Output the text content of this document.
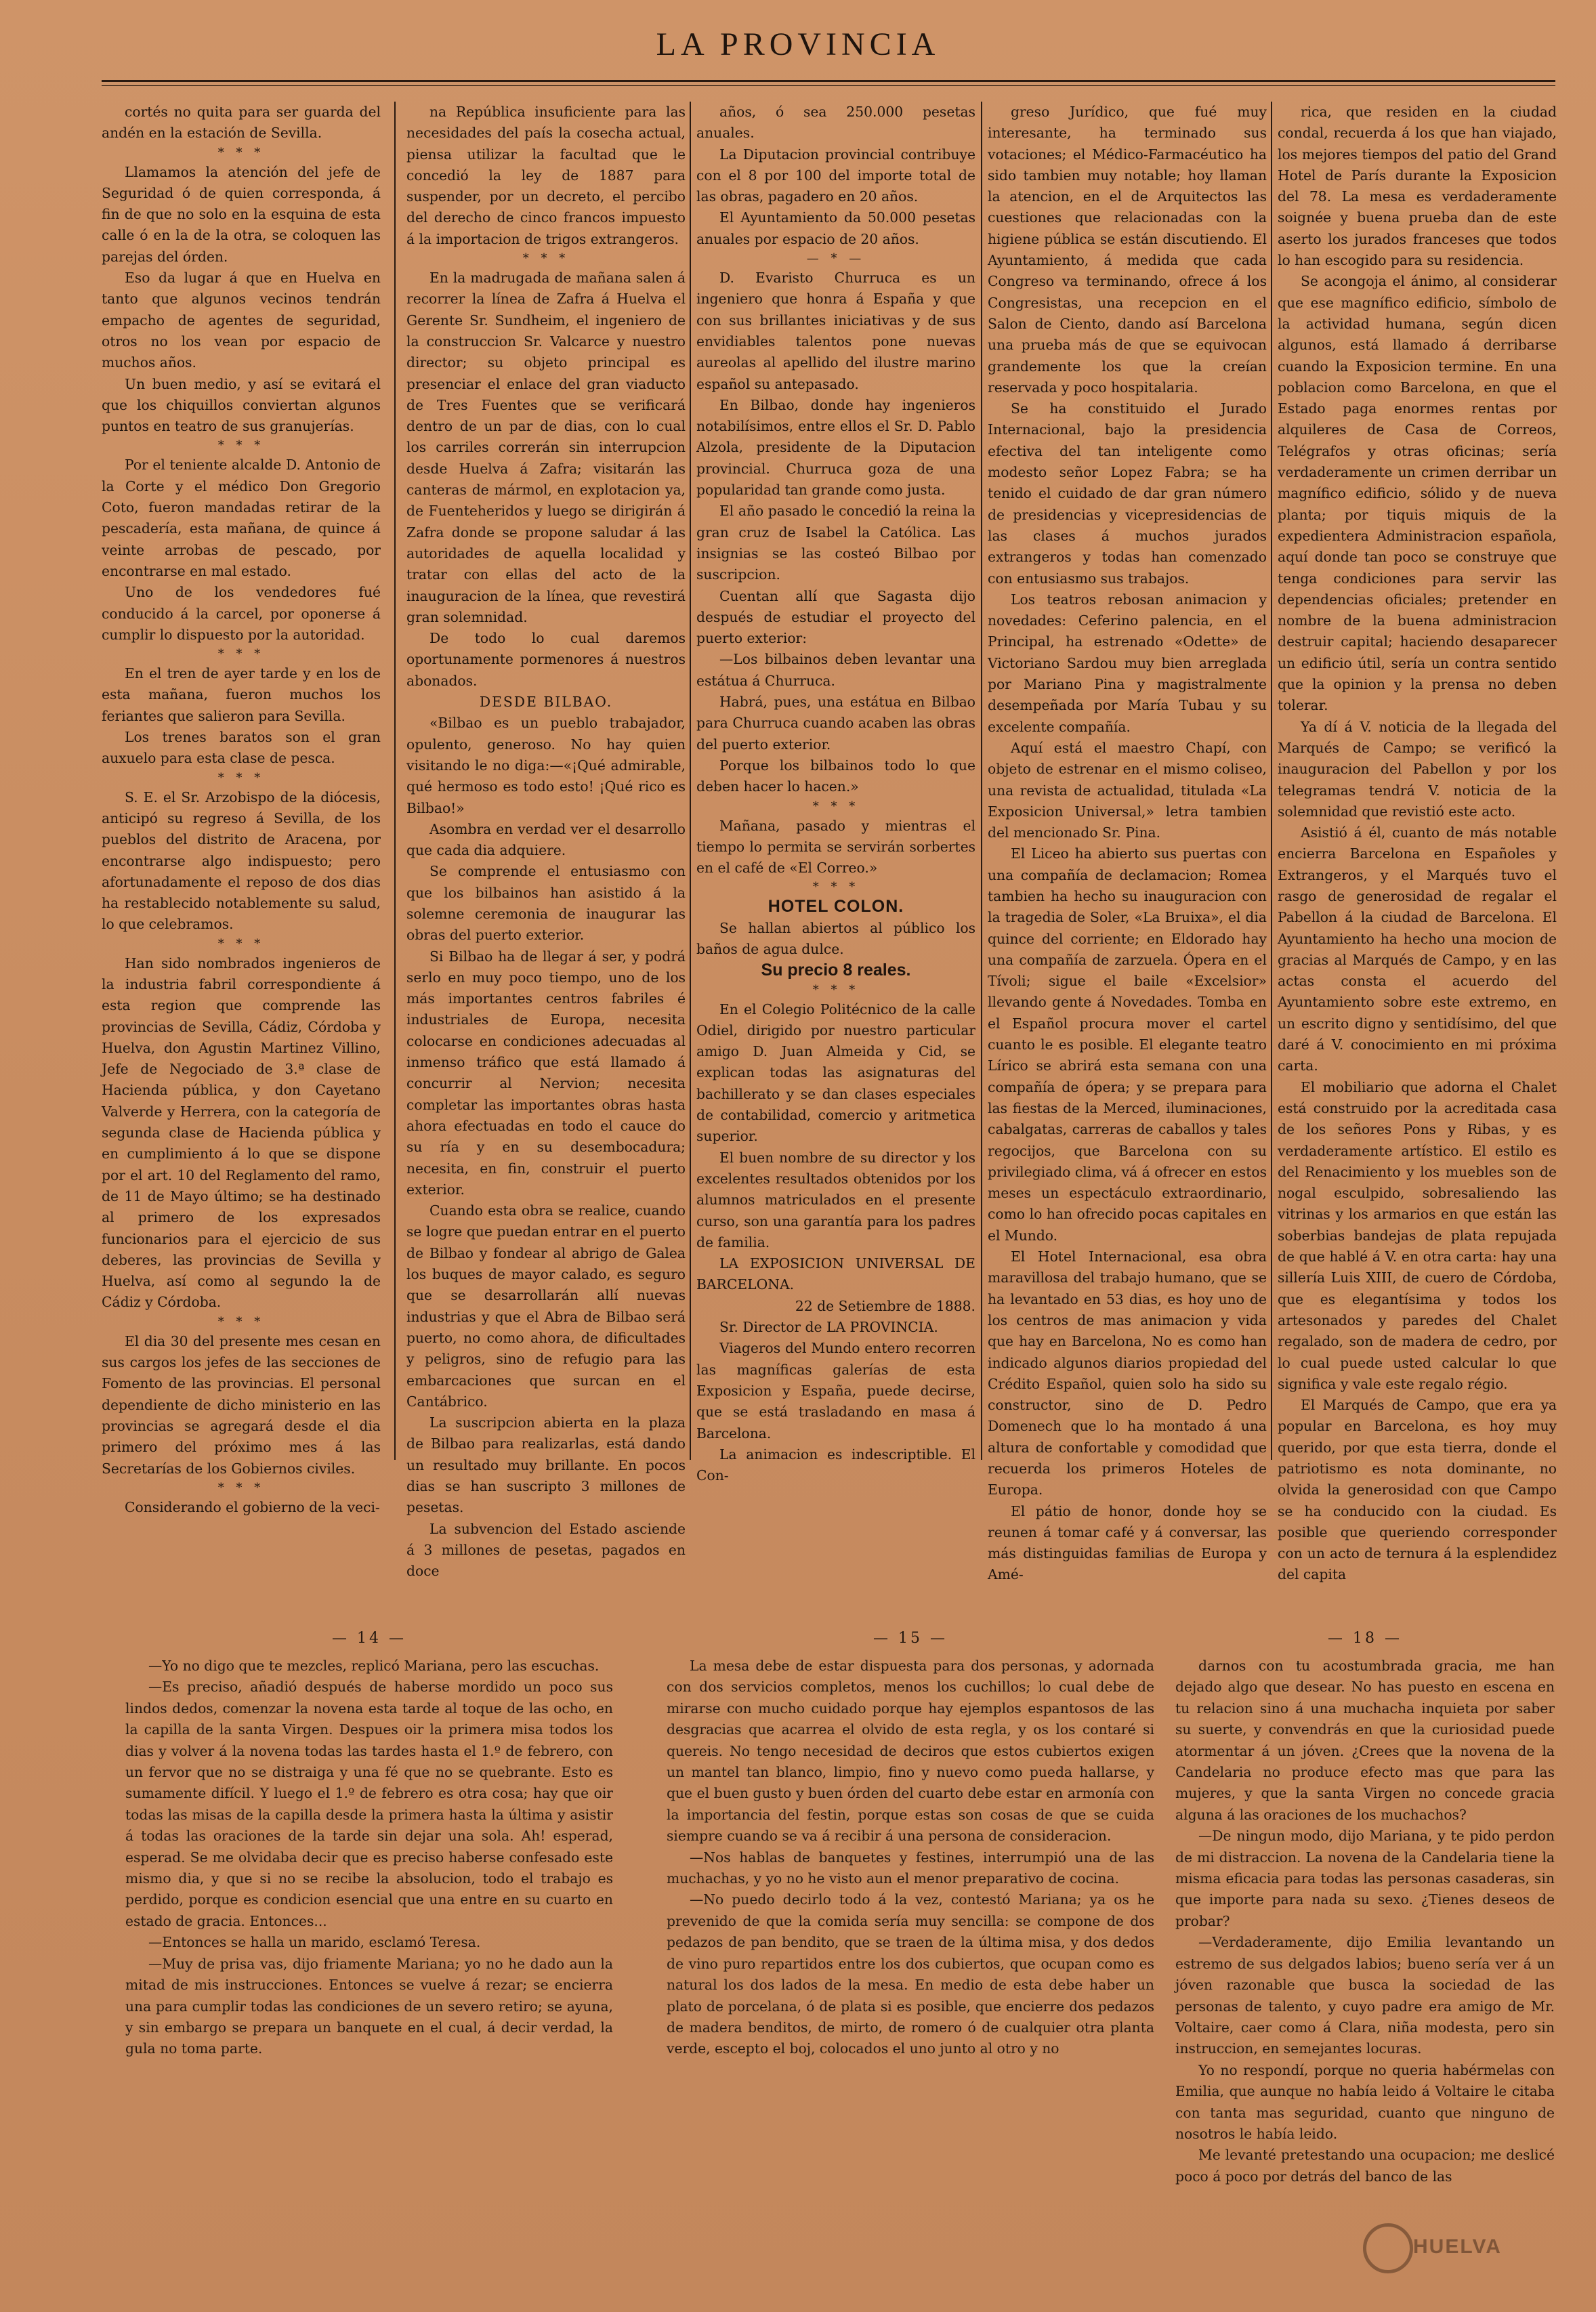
LA PROVINCIA

cortés no quita para ser guarda del andén en la estación de Sevilla.

* * *

Llamamos la atención del jefe de Seguridad ó de quien corresponda, á fin de que no solo en la esquina de esta calle ó en la de la otra, se coloquen las parejas del órden.

Eso da lugar á que en Huelva en tanto que algunos vecinos tendrán empacho de agentes de seguridad, otros no los vean por espacio de muchos años.

Un buen medio, y así se evitará el que los chiquillos conviertan algunos puntos en teatro de sus granujerías.

* * *

Por el teniente alcalde D. Antonio de la Corte y el médico Don Gregorio Coto, fueron mandadas retirar de la pescadería, esta mañana, de quince á veinte arrobas de pescado, por encontrarse en mal estado.

Uno de los vendedores fué conducido á la carcel, por oponerse á cumplir lo dispuesto por la autoridad.

* * *

En el tren de ayer tarde y en los de esta mañana, fueron muchos los feriantes que salieron para Sevilla.

Los trenes baratos son el gran auxuelo para esta clase de pesca.

* * *

S. E. el Sr. Arzobispo de la diócesis, anticipó su regreso á Sevilla, de los pueblos del distrito de Aracena, por encontrarse algo indispuesto; pero afortunadamente el reposo de dos dias ha restablecido notablemente su salud, lo que celebramos.

* * *

Han sido nombrados ingenieros de la industria fabril correspondiente á esta region que comprende las provincias de Sevilla, Cádiz, Córdoba y Huelva, don Agustin Martinez Villino, Jefe de Negociado de 3.ª clase de Hacienda pública, y don Cayetano Valverde y Herrera, con la categoría de segunda clase de Hacienda pública y en cumplimiento á lo que se dispone por el art. 10 del Reglamento del ramo, de 11 de Mayo último; se ha destinado al primero de los expresados funcionarios para el ejercicio de sus deberes, las provincias de Sevilla y Huelva, así como al segundo la de Cádiz y Córdoba.

* * *

El dia 30 del presente mes cesan en sus cargos los jefes de las secciones de Fomento de las provincias. El personal dependiente de dicho ministerio en las provincias se agregará desde el dia primero del próximo mes á las Secretarías de los Gobiernos civiles.

* * *

Considerando el gobierno de la veci-

na República insuficiente para las necesidades del país la cosecha actual, piensa utilizar la facultad que le concedió la ley de 1887 para suspender, por un decreto, el percibo del derecho de cinco francos impuesto á la importacion de trigos extrangeros.

* * *

En la madrugada de mañana salen á recorrer la línea de Zafra á Huelva el Gerente Sr. Sundheim, el ingeniero de la construccion Sr. Valcarce y nuestro director; su objeto principal es presenciar el enlace del gran viaducto de Tres Fuentes que se verificará dentro de un par de dias, con lo cual los carriles correrán sin interrupcion desde Huelva á Zafra; visitarán las canteras de mármol, en explotacion ya, de Fuenteheridos y luego se dirigirán á Zafra donde se propone saludar á las autoridades de aquella localidad y tratar con ellas del acto de la inauguracion de la línea, que revestirá gran solemnidad.

De todo lo cual daremos oportunamente pormenores á nuestros abonados.

DESDE BILBAO.

«Bilbao es un pueblo trabajador, opulento, generoso. No hay quien visitando le no diga:—«¡Qué admirable, qué hermoso es todo esto! ¡Qué rico es Bilbao!»

Asombra en verdad ver el desarrollo que cada dia adquiere.

Se comprende el entusiasmo con que los bilbainos han asistido á la solemne ceremonia de inaugurar las obras del puerto exterior.

Si Bilbao ha de llegar á ser, y podrá serlo en muy poco tiempo, uno de los más importantes centros fabriles é industriales de Europa, necesita colocarse en condiciones adecuadas al inmenso tráfico que está llamado á concurrir al Nervion; necesita completar las importantes obras hasta ahora efectuadas en todo el cauce do su ría y en su desembocadura; necesita, en fin, construir el puerto exterior.

Cuando esta obra se realice, cuando se logre que puedan entrar en el puerto de Bilbao y fondear al abrigo de Galea los buques de mayor calado, es seguro que se desarrollarán allí nuevas industrias y que el Abra de Bilbao será puerto, no como ahora, de dificultades y peligros, sino de refugio para las embarcaciones que surcan en el Cantábrico.

La suscripcion abierta en la plaza de Bilbao para realizarlas, está dando un resultado muy brillante. En pocos dias se han suscripto 3 millones de pesetas.

La subvencion del Estado asciende á 3 millones de pesetas, pagados en doce

años, ó sea 250.000 pesetas anuales.

La Diputacion provincial contribuye con el 8 por 100 del importe total de las obras, pagadero en 20 años.

El Ayuntamiento da 50.000 pesetas anuales por espacio de 20 años.

— * —

D. Evaristo Churruca es un ingeniero que honra á España y que con sus brillantes iniciativas y de sus envidiables talentos pone nuevas aureolas al apellido del ilustre marino español su antepasado.

En Bilbao, donde hay ingenieros notabilísimos, entre ellos el Sr. D. Pablo Alzola, presidente de la Diputacion provincial. Churruca goza de una popularidad tan grande como justa.

El año pasado le concedió la reina la gran cruz de Isabel la Católica. Las insignias se las costeó Bilbao por suscripcion.

Cuentan allí que Sagasta dijo después de estudiar el proyecto del puerto exterior:

—Los bilbainos deben levantar una estátua á Churruca.

Habrá, pues, una estátua en Bilbao para Churruca cuando acaben las obras del puerto exterior.

Porque los bilbainos todo lo que deben hacer lo hacen.»

* * *

Mañana, pasado y mientras el tiempo lo permita se servirán sorbertes en el café de «El Correo.»

* * *

HOTEL COLON.

Se hallan abiertos al público los baños de agua dulce.

Su precio 8 reales.

* * *

En el Colegio Politécnico de la calle Odiel, dirigido por nuestro particular amigo D. Juan Almeida y Cid, se explican todas las asignaturas del bachillerato y se dan clases especiales de contabilidad, comercio y aritmetica superior.

El buen nombre de su director y los excelentes resultados obtenidos por los alumnos matriculados en el presente curso, son una garantía para los padres de familia.

LA EXPOSICION UNIVERSAL DE BARCELONA.

22 de Setiembre de 1888.

Sr. Director de LA PROVINCIA.

Viageros del Mundo entero recorren las magníficas galerías de esta Exposicion y España, puede decirse, que se está trasladando en masa á Barcelona.

La animacion es indescriptible. El Con-

greso Jurídico, que fué muy interesante, ha terminado sus votaciones; el Médico-Farmacéutico ha sido tambien muy notable; hoy llaman la atencion, en el de Arquitectos las cuestiones que relacionadas con la higiene pública se están discutiendo. El Ayuntamiento, á medida que cada Congreso va terminando, ofrece á los Congresistas, una recepcion en el Salon de Ciento, dando así Barcelona una prueba más de que se equivocan grandemente los que la creían reservada y poco hospitalaria.

Se ha constituido el Jurado Internacional, bajo la presidencia efectiva del tan inteligente como modesto señor Lopez Fabra; se ha tenido el cuidado de dar gran número de presidencias y vicepresidencias de las clases á muchos jurados extrangeros y todas han comenzado con entusiasmo sus trabajos.

Los teatros rebosan animacion y novedades: Ceferino palencia, en el Principal, ha estrenado «Odette» de Victoriano Sardou muy bien arreglada por Mariano Pina y magistralmente desempeñada por María Tubau y su excelente compañía.

Aquí está el maestro Chapí, con objeto de estrenar en el mismo coliseo, una revista de actualidad, titulada «La Exposicion Universal,» letra tambien del mencionado Sr. Pina.

El Liceo ha abierto sus puertas con una compañía de declamacion; Romea tambien ha hecho su inauguracion con la tragedia de Soler, «La Bruixa», el dia quince del corriente; en Eldorado hay una compañía de zarzuela. Ópera en el Tívoli; sigue el baile «Excelsior» llevando gente á Novedades. Tomba en el Español procura mover el cartel cuanto le es posible. El elegante teatro Lírico se abrirá esta semana con una compañía de ópera; y se prepara para las fiestas de la Merced, iluminaciones, cabalgatas, carreras de caballos y tales regocijos, que Barcelona con su privilegiado clima, vá á ofrecer en estos meses un espectáculo extraordinario, como lo han ofrecido pocas capitales en el Mundo.

El Hotel Internacional, esa obra maravillosa del trabajo humano, que se ha levantado en 53 dias, es hoy uno de los centros de mas animacion y vida que hay en Barcelona, No es como han indicado algunos diarios propiedad del Crédito Español, quien solo ha sido su constructor, sino de D. Pedro Domenech que lo ha montado á una altura de confortable y comodidad que recuerda los primeros Hoteles de Europa.

El pátio de honor, donde hoy se reunen á tomar café y á conversar, las más distinguidas familias de Europa y Amé-

rica, que residen en la ciudad condal, recuerda á los que han viajado, los mejores tiempos del patio del Grand Hotel de París durante la Exposicion del 78. La mesa es verdaderamente soignée y buena prueba dan de este aserto los jurados franceses que todos lo han escogido para su residencia.

Se acongoja el ánimo, al considerar que ese magnífico edificio, símbolo de la actividad humana, según dicen algunos, está llamado á derribarse cuando la Exposicion termine. En una poblacion como Barcelona, en que el Estado paga enormes rentas por alquileres de Casa de Correos, Telégrafos y otras oficinas; sería verdaderamente un crimen derribar un magnífico edificio, sólido y de nueva planta; por tiquis miquis de la expedientera Administracion española, aquí donde tan poco se construye que tenga condiciones para servir las dependencias oficiales; pretender en nombre de la buena administracion destruir capital; haciendo desaparecer un edificio útil, sería un contra sentido que la opinion y la prensa no deben tolerar.

Ya dí á V. noticia de la llegada del Marqués de Campo; se verificó la inauguracion del Pabellon y por los telegramas tendrá V. noticia de la solemnidad que revistió este acto.

Asistió á él, cuanto de más notable encierra Barcelona en Españoles y Extrangeros, y el Marqués tuvo el rasgo de generosidad de regalar el Pabellon á la ciudad de Barcelona. El Ayuntamiento ha hecho una mocion de gracias al Marqués de Campo, y en las actas consta el acuerdo del Ayuntamiento sobre este extremo, en un escrito digno y sentidísimo, del que daré á V. conocimiento en mi próxima carta.

El mobiliario que adorna el Chalet está construido por la acreditada casa de los señores Pons y Ribas, y es verdaderamente artístico. El estilo es del Renacimiento y los muebles son de nogal esculpido, sobresaliendo las vitrinas y los armarios en que están las soberbias bandejas de plata repujada de que hablé á V. en otra carta: hay una sillería Luis XIII, de cuero de Córdoba, que es elegantísima y todos los artesonados y paredes del Chalet regalado, son de madera de cedro, por lo cual puede usted calcular lo que significa y vale este regalo régio.

El Marqués de Campo, que era ya popular en Barcelona, es hoy muy querido, por que esta tierra, donde el patriotismo es nota dominante, no olvida la generosidad con que Campo se ha conducido con la ciudad. Es posible que queriendo corresponder con un acto de ternura á la esplendidez del capita

— 14 —

—Yo no digo que te mezcles, replicó Mariana, pero las escuchas.

—Es preciso, añadió después de haberse mordido un poco sus lindos dedos, comenzar la novena esta tarde al toque de las ocho, en la capilla de la santa Virgen. Despues oir la primera misa todos los dias y volver á la novena todas las tardes hasta el 1.º de febrero, con un fervor que no se distraiga y una fé que no se quebrante. Esto es sumamente difícil. Y luego el 1.º de febrero es otra cosa; hay que oir todas las misas de la capilla desde la primera hasta la última y asistir á todas las oraciones de la tarde sin dejar una sola. Ah! esperad, esperad. Se me olvidaba decir que es preciso haberse confesado este mismo dia, y que si no se recibe la absolucion, todo el trabajo es perdido, porque es condicion esencial que una entre en su cuarto en estado de gracia. Entonces...

—Entonces se halla un marido, esclamó Teresa.

—Muy de prisa vas, dijo friamente Mariana; yo no he dado aun la mitad de mis instrucciones. Entonces se vuelve á rezar; se encierra una para cumplir todas las condiciones de un severo retiro; se ayuna, y sin embargo se prepara un banquete en el cual, á decir verdad, la gula no toma parte.

— 15 —

La mesa debe de estar dispuesta para dos personas, y adornada con dos servicios completos, menos los cuchillos; lo cual debe de mirarse con mucho cuidado porque hay ejemplos espantosos de las desgracias que acarrea el olvido de esta regla, y os los contaré si quereis. No tengo necesidad de deciros que estos cubiertos exigen un mantel tan blanco, limpio, fino y nuevo como pueda hallarse, y que el buen gusto y buen órden del cuarto debe estar en armonía con la importancia del festin, porque estas son cosas de que se cuida siempre cuando se va á recibir á una persona de consideracion.

—Nos hablas de banquetes y festines, interrumpió una de las muchachas, y yo no he visto aun el menor preparativo de cocina.

—No puedo decirlo todo á la vez, contestó Mariana; ya os he prevenido de que la comida sería muy sencilla: se compone de dos pedazos de pan bendito, que se traen de la última misa, y dos dedos de vino puro repartidos entre los dos cubiertos, que ocupan como es natural los dos lados de la mesa. En medio de esta debe haber un plato de porcelana, ó de plata si es posible, que encierre dos pedazos de madera benditos, de mirto, de romero ó de cualquier otra planta verde, escepto el boj, colocados el uno junto al otro y no

— 18 —

darnos con tu acostumbrada gracia, me han dejado algo que desear. No has puesto en escena en tu relacion sino á una muchacha inquieta por saber su suerte, y convendrás en que la curiosidad puede atormentar á un jóven. ¿Crees que la novena de la Candelaria no produce efecto mas que para las mujeres, y que la santa Virgen no concede gracia alguna á las oraciones de los muchachos?

—De ningun modo, dijo Mariana, y te pido perdon de mi distraccion. La novena de la Candelaria tiene la misma eficacia para todas las personas casaderas, sin que importe para nada su sexo. ¿Tienes deseos de probar?

—Verdaderamente, dijo Emilia levantando un estremo de sus delgados labios; bueno sería ver á un jóven razonable que busca la sociedad de las personas de talento, y cuyo padre era amigo de Mr. Voltaire, caer como á Clara, niña modesta, pero sin instruccion, en semejantes locuras.

Yo no respondí, porque no queria habérmelas con Emilia, que aunque no había leido á Voltaire le citaba con tanta mas seguridad, cuanto que ninguno de nosotros le había leido.

Me levanté pretestando una ocupacion; me deslicé poco á poco por detrás del banco de las

HUELVA
